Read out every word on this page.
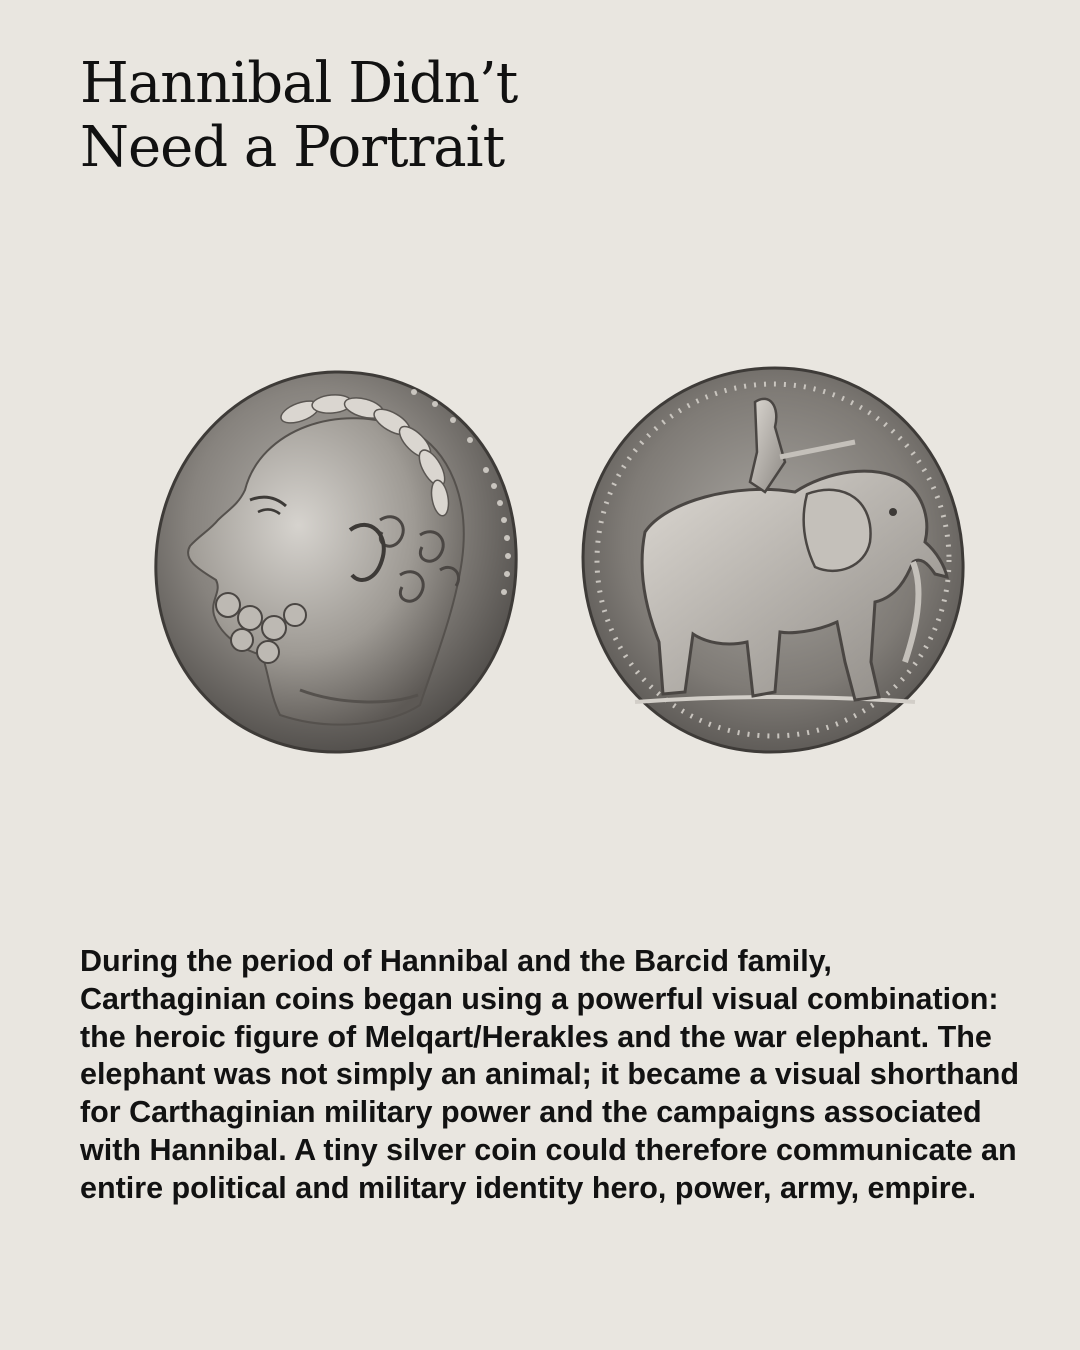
Hannibal Didn’t
Need a Portrait

During the period of Hannibal and the Barcid family, Carthaginian coins began using a powerful visual combination: the heroic figure of Melqart/Herakles and the war elephant. The elephant was not simply an animal; it became a visual shorthand for Carthaginian military power and the campaigns associated with Hannibal. A tiny silver coin could therefore communicate an entire political and military identity hero, power, army, empire.
